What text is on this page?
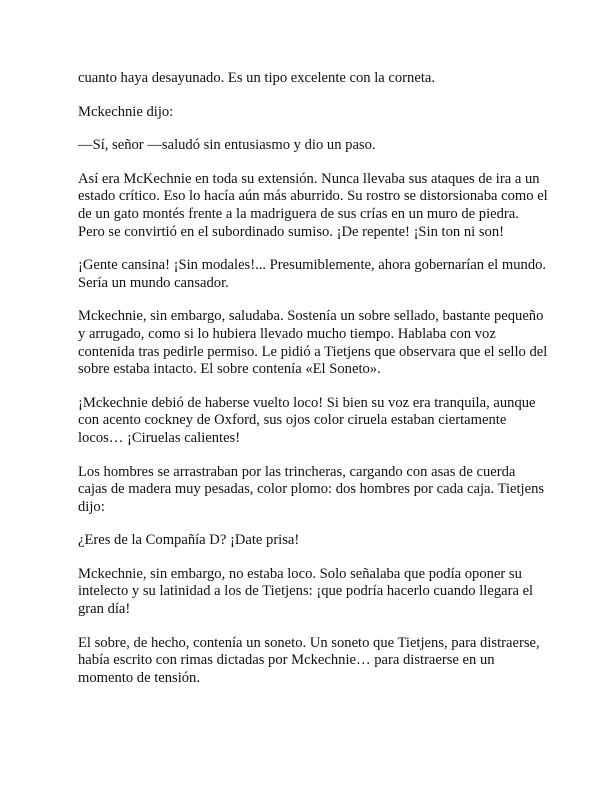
cuanto haya desayunado. Es un tipo excelente con la corneta.

Mckechnie dijo:

—Sí, señor —saludó sin entusiasmo y dio un paso.

Así era McKechnie en toda su extensión. Nunca llevaba sus ataques de ira a un estado crítico. Eso lo hacía aún más aburrido. Su rostro se distorsionaba como el de un gato montés frente a la madriguera de sus crías en un muro de piedra. Pero se convirtió en el subordinado sumiso. ¡De repente! ¡Sin ton ni son!

¡Gente cansina! ¡Sin modales!... Presumiblemente, ahora gobernarían el mundo. Sería un mundo cansador.

Mckechnie, sin embargo, saludaba. Sostenía un sobre sellado, bastante pequeño y arrugado, como si lo hubiera llevado mucho tiempo. Hablaba con voz contenida tras pedirle permiso. Le pidió a Tietjens que observara que el sello del sobre estaba intacto. El sobre contenía «El Soneto».

¡Mckechnie debió de haberse vuelto loco! Si bien su voz era tranquila, aunque con acento cockney de Oxford, sus ojos color ciruela estaban ciertamente locos… ¡Ciruelas calientes!

Los hombres se arrastraban por las trincheras, cargando con asas de cuerda cajas de madera muy pesadas, color plomo: dos hombres por cada caja. Tietjens dijo:

¿Eres de la Compañía D? ¡Date prisa!

Mckechnie, sin embargo, no estaba loco. Solo señalaba que podía oponer su intelecto y su latinidad a los de Tietjens: ¡que podría hacerlo cuando llegara el gran día!

El sobre, de hecho, contenía un soneto. Un soneto que Tietjens, para distraerse, había escrito con rimas dictadas por Mckechnie… para distraerse en un momento de tensión.
